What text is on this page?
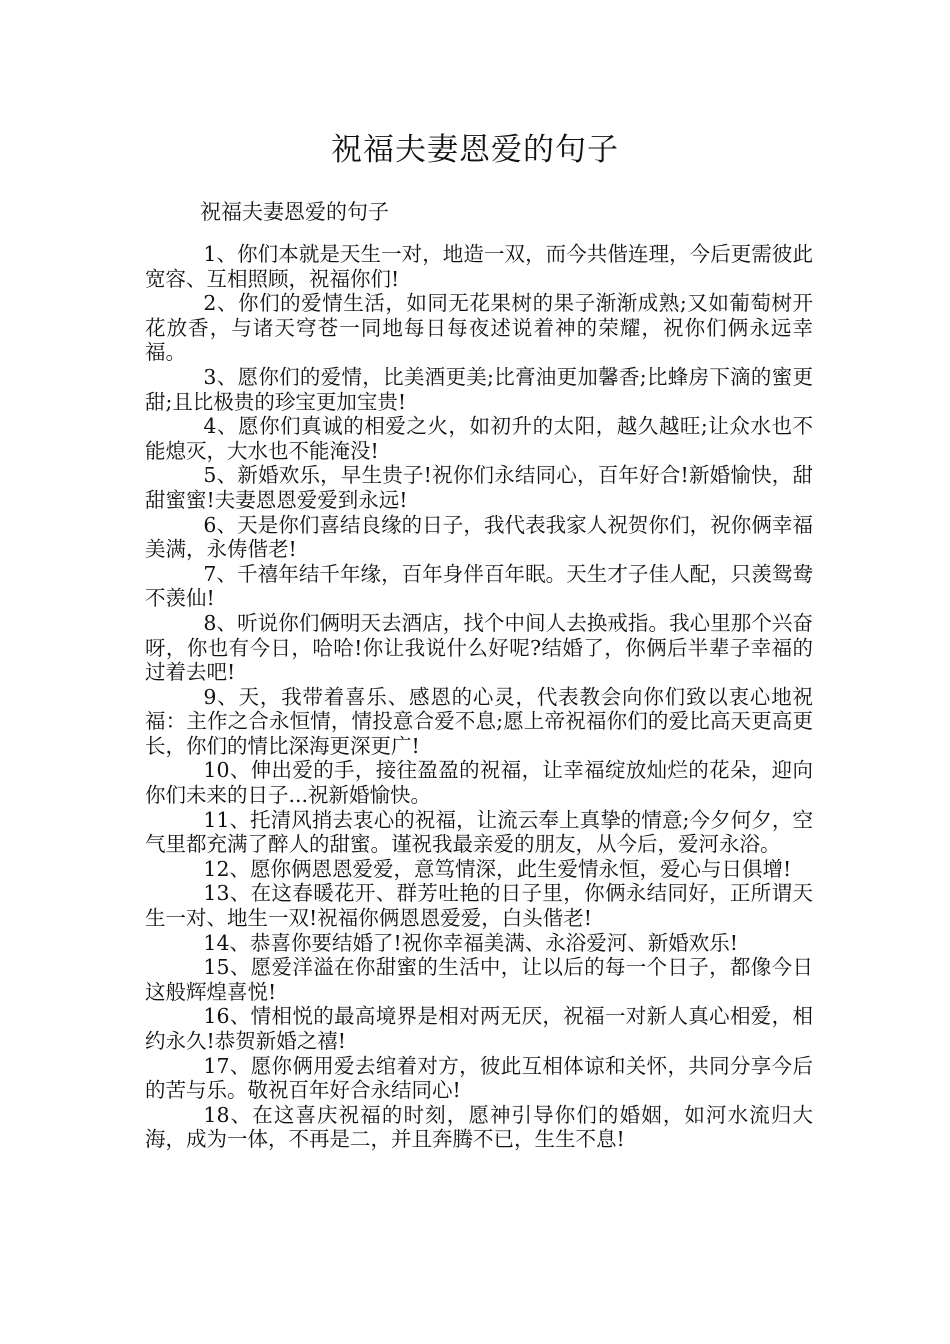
祝福夫妻恩爱的句子
祝福夫妻恩爱的句子

1、你们本就是天生一对，地造一双，而今共偕连理，今后更需彼此宽容、互相照顾，祝福你们!

2、你们的爱情生活，如同无花果树的果子渐渐成熟;又如葡萄树开花放香，与诸天穹苍一同地每日每夜述说着神的荣耀，祝你们俩永远幸福。

3、愿你们的爱情，比美酒更美;比膏油更加馨香;比蜂房下滴的蜜更甜;且比极贵的珍宝更加宝贵!

4、愿你们真诚的相爱之火，如初升的太阳，越久越旺;让众水也不能熄灭，大水也不能淹没!

5、新婚欢乐，早生贵子!祝你们永结同心，百年好合!新婚愉快，甜甜蜜蜜!夫妻恩恩爱爱到永远!

6、天是你们喜结良缘的日子，我代表我家人祝贺你们，祝你俩幸福美满，永俦偕老!

7、千禧年结千年缘，百年身伴百年眠。天生才子佳人配，只羡鸳鸯不羡仙!

8、听说你们俩明天去酒店，找个中间人去换戒指。我心里那个兴奋呀，你也有今日，哈哈!你让我说什么好呢?结婚了，你俩后半辈子幸福的过着去吧!

9、天，我带着喜乐、感恩的心灵，代表教会向你们致以衷心地祝福：主作之合永恒情，情投意合爱不息;愿上帝祝福你们的爱比高天更高更长，你们的情比深海更深更广!

10、伸出爱的手，接往盈盈的祝福，让幸福绽放灿烂的花朵，迎向你们未来的日子...祝新婚愉快。

11、托清风捎去衷心的祝福，让流云奉上真挚的情意;今夕何夕，空气里都充满了醉人的甜蜜。谨祝我最亲爱的朋友，从今后，爱河永浴。

12、愿你俩恩恩爱爱，意笃情深，此生爱情永恒，爱心与日俱增!

13、在这春暖花开、群芳吐艳的日子里，你俩永结同好，正所谓天生一对、地生一双!祝福你俩恩恩爱爱，白头偕老!

14、恭喜你要结婚了!祝你幸福美满、永浴爱河、新婚欢乐!

15、愿爱洋溢在你甜蜜的生活中，让以后的每一个日子，都像今日这般辉煌喜悦!

16、情相悦的最高境界是相对两无厌，祝福一对新人真心相爱，相约永久!恭贺新婚之禧!

17、愿你俩用爱去绾着对方，彼此互相体谅和关怀，共同分享今后的苦与乐。敬祝百年好合永结同心!

18、在这喜庆祝福的时刻，愿神引导你们的婚姻，如河水流归大海，成为一体，不再是二，并且奔腾不已，生生不息!
